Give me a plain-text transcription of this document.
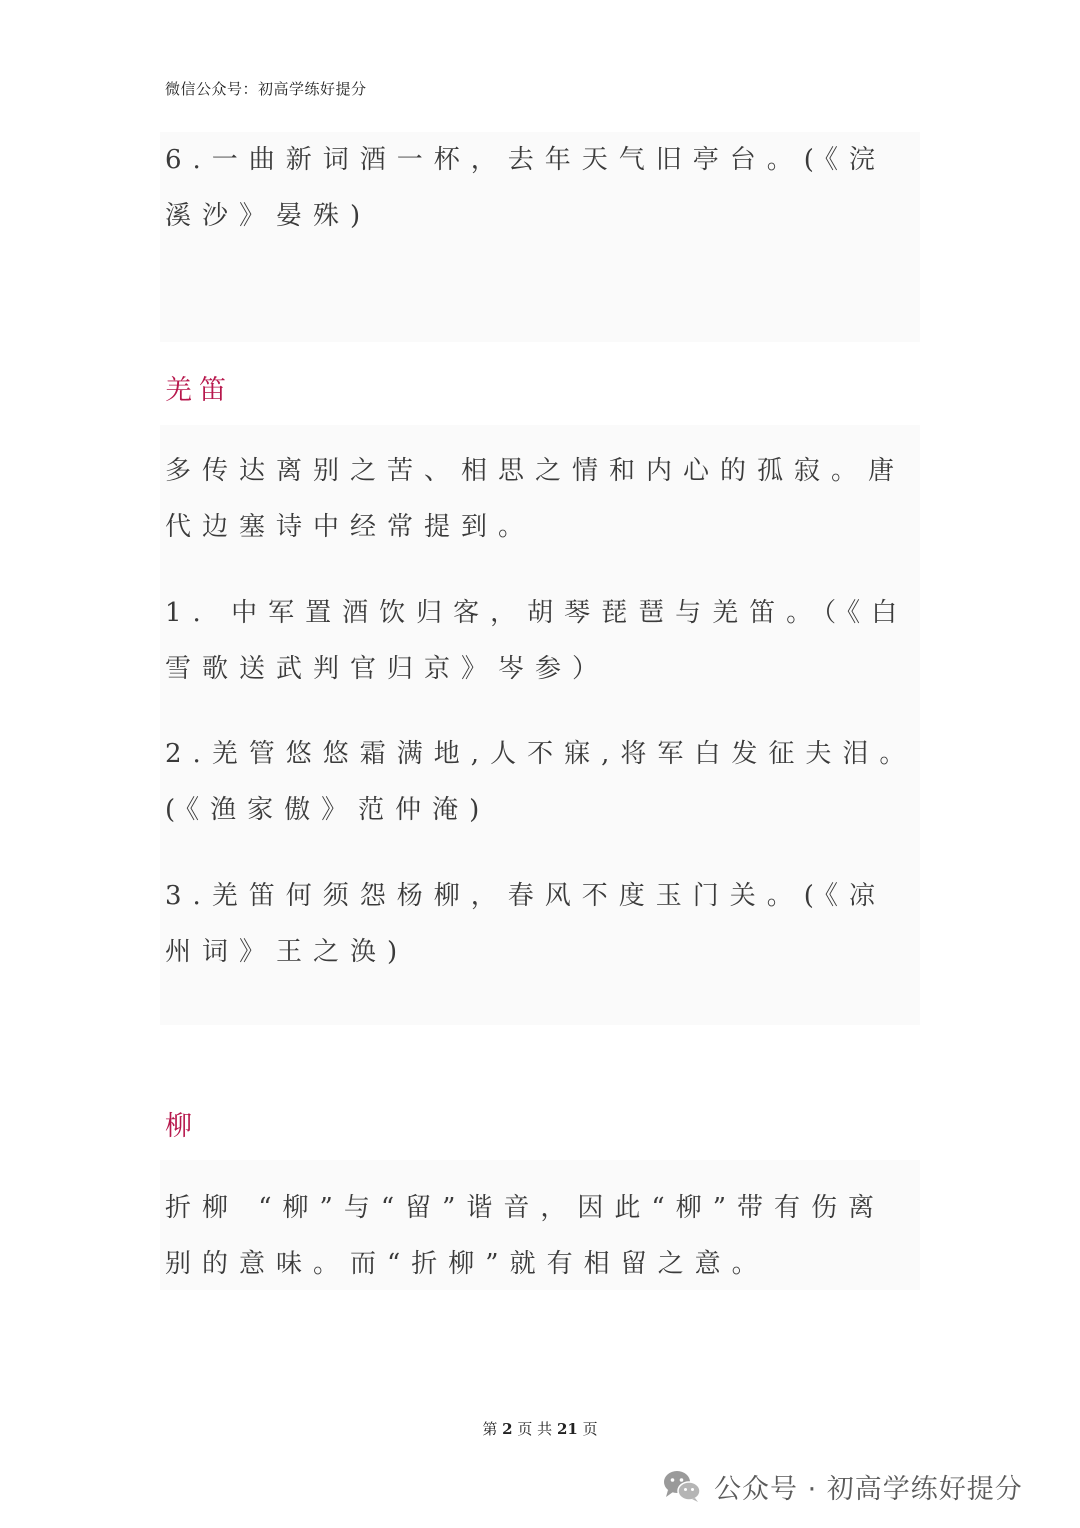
微信公众号：初高学练好提分
6.一曲新词酒一杯，去年天气旧亭台。(《浣溪沙》晏殊)
羌笛
多传达离别之苦、相思之情和内心的孤寂。唐代边塞诗中经常提到。
1. 中军置酒饮归客，胡琴琵琶与羌笛。（《白雪歌送武判官归京》岑参）
2.羌管悠悠霜满地,人不寐,将军白发征夫泪。(《渔家傲》范仲淹)
3.羌笛何须怨杨柳，春风不度玉门关。(《凉州词》王之涣)
柳
折柳 “柳”与“留”谐音，因此“柳”带有伤离别的意味。而“折柳”就有相留之意。
第 2 页 共 21 页
公众号 · 初高学练好提分
